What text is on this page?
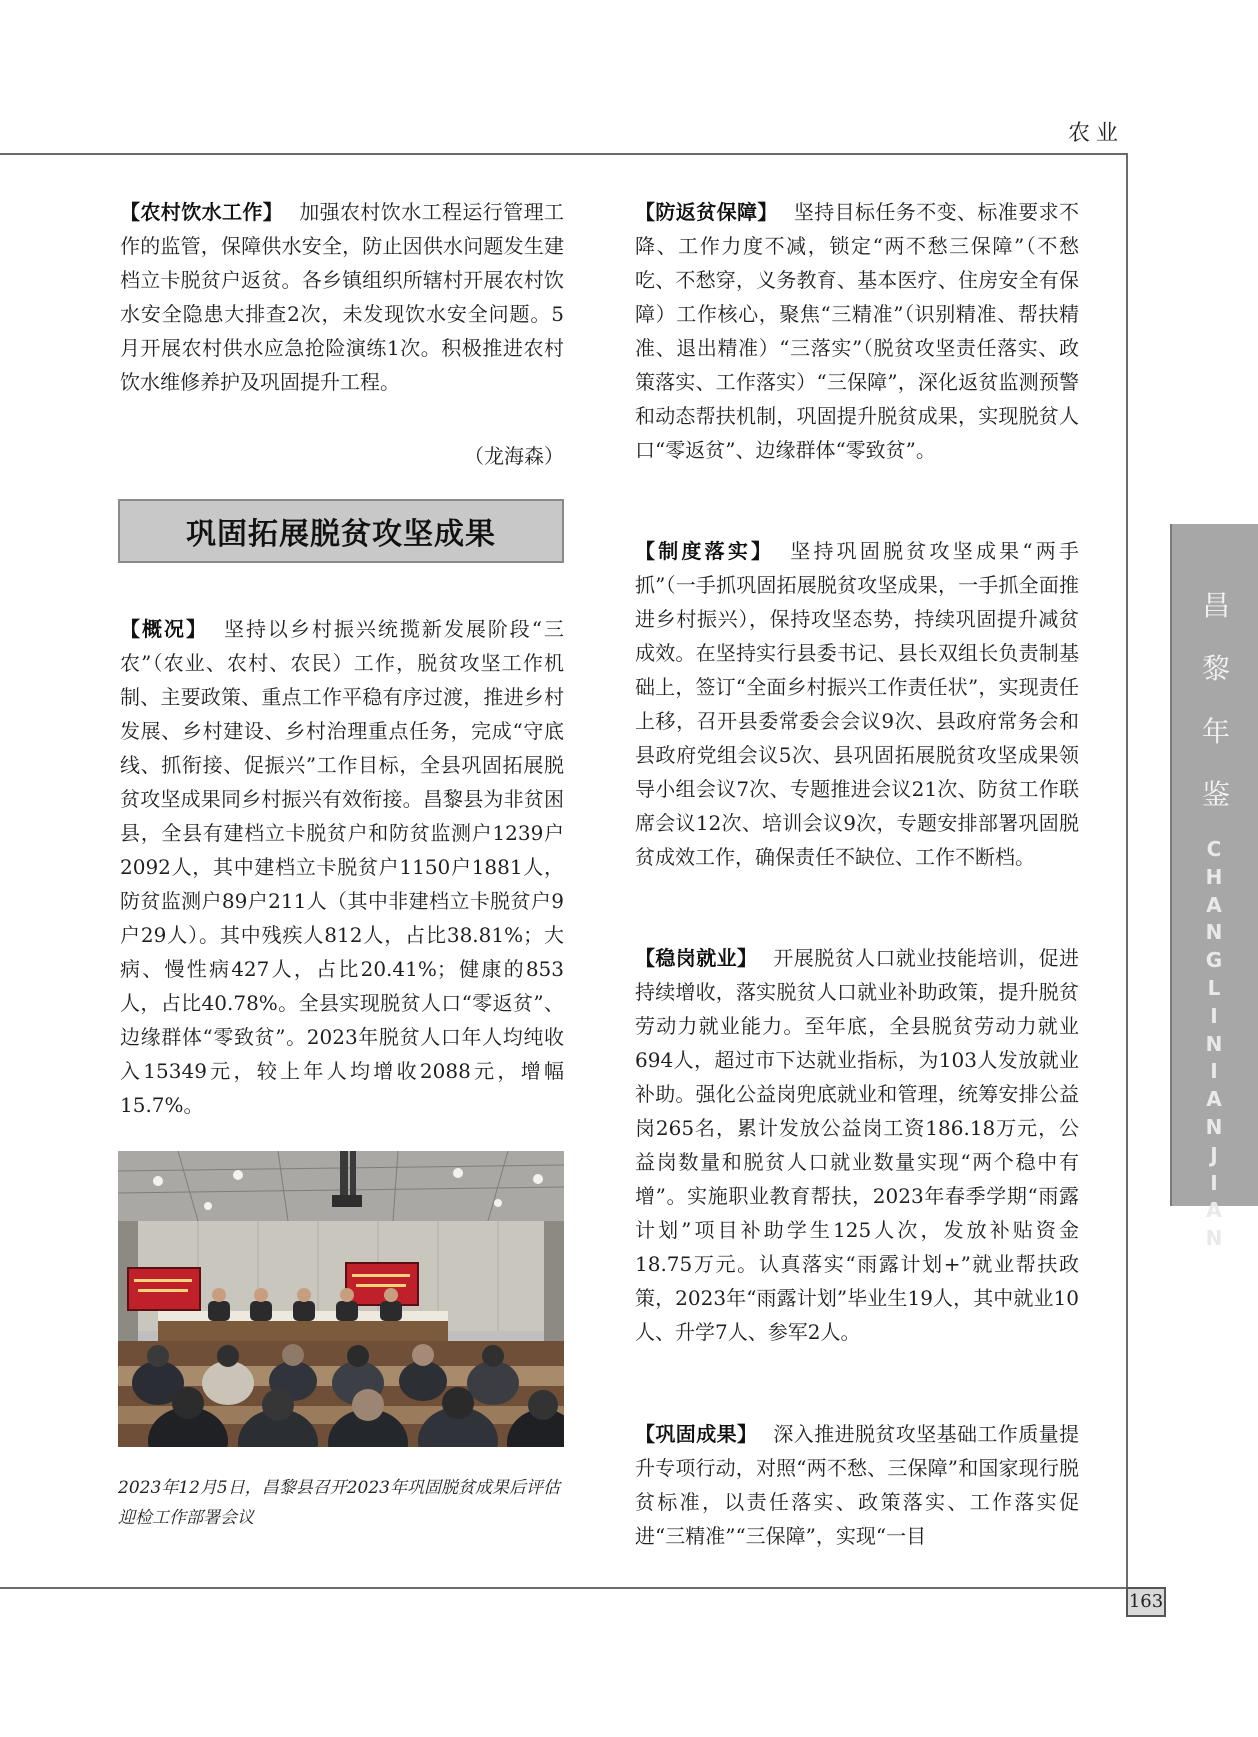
农业

【农村饮水工作】 加强农村饮水工程运行管理工作的监管，保障供水安全，防止因供水问题发生建档立卡脱贫户返贫。各乡镇组织所辖村开展农村饮水安全隐患大排查2次，未发现饮水安全问题。5月开展农村供水应急抢险演练1次。积极推进农村饮水维修养护及巩固提升工程。

（龙海森）

巩固拓展脱贫攻坚成果

【概况】 坚持以乡村振兴统揽新发展阶段“三农”（农业、农村、农民）工作，脱贫攻坚工作机制、主要政策、重点工作平稳有序过渡，推进乡村发展、乡村建设、乡村治理重点任务，完成“守底线、抓衔接、促振兴”工作目标，全县巩固拓展脱贫攻坚成果同乡村振兴有效衔接。昌黎县为非贫困县，全县有建档立卡脱贫户和防贫监测户1239户2092人，其中建档立卡脱贫户1150户1881人，防贫监测户89户211人（其中非建档立卡脱贫户9户29人）。其中残疾人812人，占比38.81%；大病、慢性病427人，占比20.41%；健康的853人，占比40.78%。全县实现脱贫人口“零返贫”、边缘群体“零致贫”。2023年脱贫人口年人均纯收入15349元，较上年人均增收2088元，增幅15.7%。

2023年12月5日，昌黎县召开2023年巩固脱贫成果后评估迎检工作部署会议

【防返贫保障】 坚持目标任务不变、标准要求不降、工作力度不减，锁定“两不愁三保障”（不愁吃、不愁穿，义务教育、基本医疗、住房安全有保障）工作核心，聚焦“三精准”（识别精准、帮扶精准、退出精准）“三落实”（脱贫攻坚责任落实、政策落实、工作落实）“三保障”，深化返贫监测预警和动态帮扶机制，巩固提升脱贫成果，实现脱贫人口“零返贫”、边缘群体“零致贫”。

【制度落实】 坚持巩固脱贫攻坚成果“两手抓”（一手抓巩固拓展脱贫攻坚成果，一手抓全面推进乡村振兴），保持攻坚态势，持续巩固提升减贫成效。在坚持实行县委书记、县长双组长负责制基础上，签订“全面乡村振兴工作责任状”，实现责任上移，召开县委常委会会议9次、县政府常务会和县政府党组会议5次、县巩固拓展脱贫攻坚成果领导小组会议7次、专题推进会议21次、防贫工作联席会议12次、培训会议9次，专题安排部署巩固脱贫成效工作，确保责任不缺位、工作不断档。

【稳岗就业】 开展脱贫人口就业技能培训，促进持续增收，落实脱贫人口就业补助政策，提升脱贫劳动力就业能力。至年底，全县脱贫劳动力就业694人，超过市下达就业指标，为103人发放就业补助。强化公益岗兜底就业和管理，统筹安排公益岗265名，累计发放公益岗工资186.18万元，公益岗数量和脱贫人口就业数量实现“两个稳中有增”。实施职业教育帮扶，2023年春季学期“雨露计划”项目补助学生125人次，发放补贴资金18.75万元。认真落实“雨露计划+”就业帮扶政策，2023年“雨露计划”毕业生19人，其中就业10人、升学7人、参军2人。

【巩固成果】 深入推进脱贫攻坚基础工作质量提升专项行动，对照“两不愁、三保障”和国家现行脱贫标准，以责任落实、政策落实、工作落实促进“三精准”“三保障”，实现“一目

昌
黎
年
鉴
C
H
A
N
G
L
I
N
I
A
N
J
I
A
N
163
